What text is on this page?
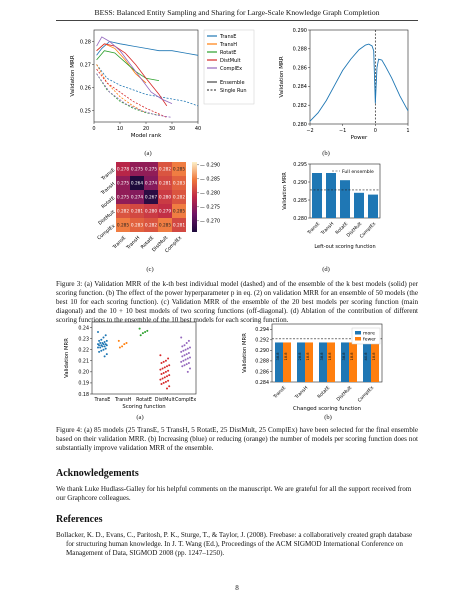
BESS: Balanced Entity Sampling and Sharing for Large-Scale Knowledge Graph Completion
0	10	20	30	40
0.25
0.26
0.27
0.28
Model rank
Validation MRR
TransE
TransH
RotatE
DistMult
ComplEx
Ensemble
Single Run
(a)
−2	−1	0	1
0.280
0.282
0.284
0.286
0.288
0.290
Power
Validation MRR
(b)
0.278 0.275 0.275 0.282 0.285
0.275 0.264 0.274 0.281 0.283
0.275 0.274 0.267 0.280 0.282
0.282 0.281 0.280 0.279 0.285
0.285 0.283 0.282 0.285 0.281
TransE
TransE
TransH
TransH
RotatE
RotatE
DistMult
DistMult
ComplEx
ComplEx
— 0.270
— 0.275
— 0.280
— 0.285
— 0.290
(c)
0.280
0.285
0.290
0.295
TransE TransH RotatE
DistMult
ComplEx
Full ensemble
Left-out scoring function
Validation MRR
(d)
Figure 3: (a) Validation MRR of the k-th best individual model (dashed) and of the ensemble of the k best models (solid) per scoring function. (b) The effect of the power hyperparameter p in eq. (2) on validation MRR for an ensemble of 50 models (the best 10 for each scoring function). (c) Validation MRR of the ensemble of the 20 best models per scoring function (main diagonal) and the 10 + 10 best models of two scoring functions (off-diagonal). (d) Ablation of the contribution of different scoring functions to the ensemble of the 10 best models for each scoring function.
0.18
0.19
0.20
0.21
0.22
0.23
0.24
TransE TransH RotatE DistMult ComplEx
Scoring function
Validation MRR
(a)
0.284
0.286
0.288
0.290
0.292
0.294
38.8 18.8
TransE
28.8 18.8
TransH
38.8 18.8
RotatE
38.8 18.8
DistMult
40.8 18.8
ComplEx
more
fewer
Changed scoring function
Validation MRR
(b)
Figure 4: (a) 85 models (25 TransE, 5 TransH, 5 RotatE, 25 DistMult, 25 ComplEx) have been selected for the final ensemble based on their validation MRR. (b) Increasing (blue) or reducing (orange) the number of models per scoring function does not substantially improve validation MRR of the ensemble.
Acknowledgements
We thank Luke Hudlass-Galley for his helpful comments on the manuscript. We are grateful for all the support received from our Graphcore colleagues.
References
Bollacker, K. D., Evans, C., Paritosh, P. K., Sturge, T., & Taylor, J. (2008). Freebase: a collaboratively created graph database for structuring human knowledge. In J. T. Wang (Ed.), Proceedings of the ACM SIGMOD International Conference on Management of Data, SIGMOD 2008 (pp. 1247–1250).
8
